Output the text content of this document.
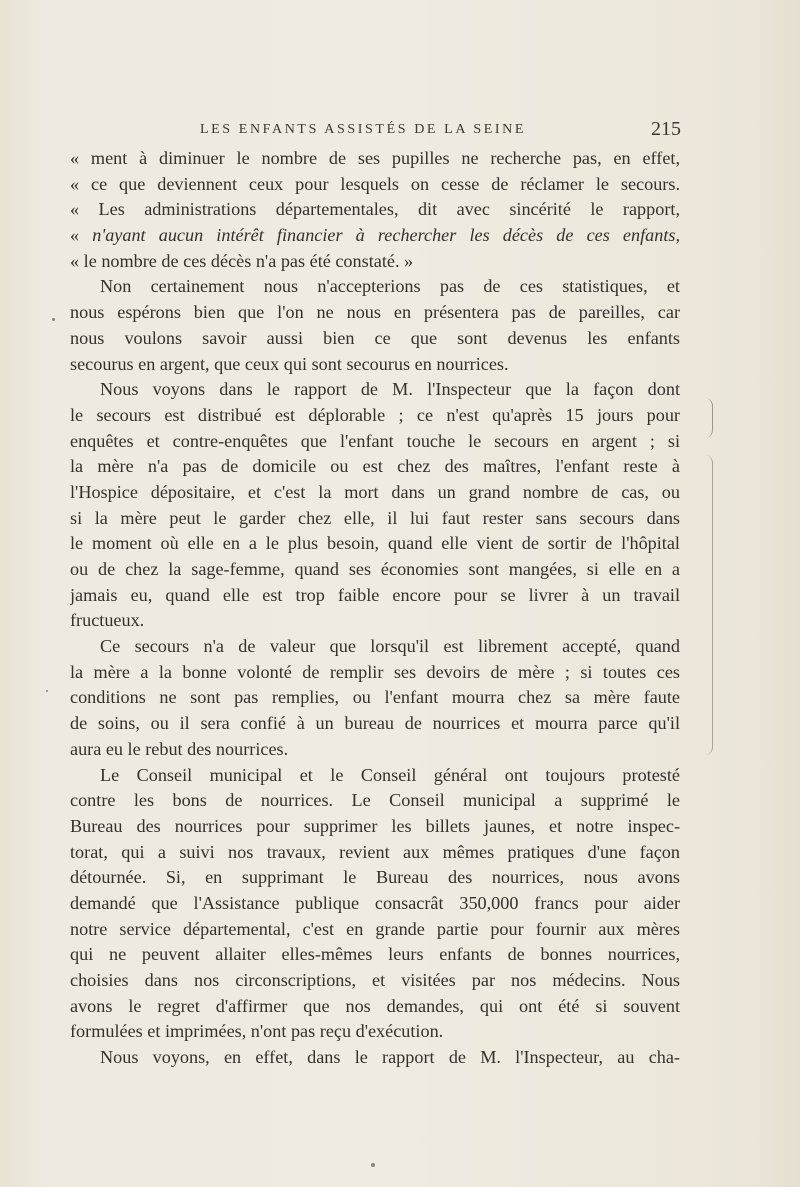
LES ENFANTS ASSISTÉS DE LA SEINE	215
« ment à diminuer le nombre de ses pupilles ne recherche pas, en effet,
« ce que deviennent ceux pour lesquels on cesse de réclamer le secours.
« Les administrations départementales, dit avec sincérité le rapport,
« n'ayant aucun intérêt financier à rechercher les décès de ces enfants,
« le nombre de ces décès n'a pas été constaté. »
Non certainement nous n'accepterions pas de ces statistiques, et
nous espérons bien que l'on ne nous en présentera pas de pareilles, car
nous voulons savoir aussi bien ce que sont devenus les enfants
secourus en argent, que ceux qui sont secourus en nourrices.
Nous voyons dans le rapport de M. l'Inspecteur que la façon dont
le secours est distribué est déplorable ; ce n'est qu'après 15 jours pour
enquêtes et contre-enquêtes que l'enfant touche le secours en argent ; si
la mère n'a pas de domicile ou est chez des maîtres, l'enfant reste à
l'Hospice dépositaire, et c'est la mort dans un grand nombre de cas, ou
si la mère peut le garder chez elle, il lui faut rester sans secours dans
le moment où elle en a le plus besoin, quand elle vient de sortir de l'hôpital
ou de chez la sage-femme, quand ses économies sont mangées, si elle en a
jamais eu, quand elle est trop faible encore pour se livrer à un travail
fructueux.
Ce secours n'a de valeur que lorsqu'il est librement accepté, quand
la mère a la bonne volonté de remplir ses devoirs de mère ; si toutes ces
conditions ne sont pas remplies, ou l'enfant mourra chez sa mère faute
de soins, ou il sera confié à un bureau de nourrices et mourra parce qu'il
aura eu le rebut des nourrices.
Le Conseil municipal et le Conseil général ont toujours protesté
contre les bons de nourrices. Le Conseil municipal a supprimé le
Bureau des nourrices pour supprimer les billets jaunes, et notre inspec-
torat, qui a suivi nos travaux, revient aux mêmes pratiques d'une façon
détournée. Si, en supprimant le Bureau des nourrices, nous avons
demandé que l'Assistance publique consacrât 350,000 francs pour aider
notre service départemental, c'est en grande partie pour fournir aux mères
qui ne peuvent allaiter elles-mêmes leurs enfants de bonnes nourrices,
choisies dans nos circonscriptions, et visitées par nos médecins. Nous
avons le regret d'affirmer que nos demandes, qui ont été si souvent
formulées et imprimées, n'ont pas reçu d'exécution.
Nous voyons, en effet, dans le rapport de M. l'Inspecteur, au cha-
